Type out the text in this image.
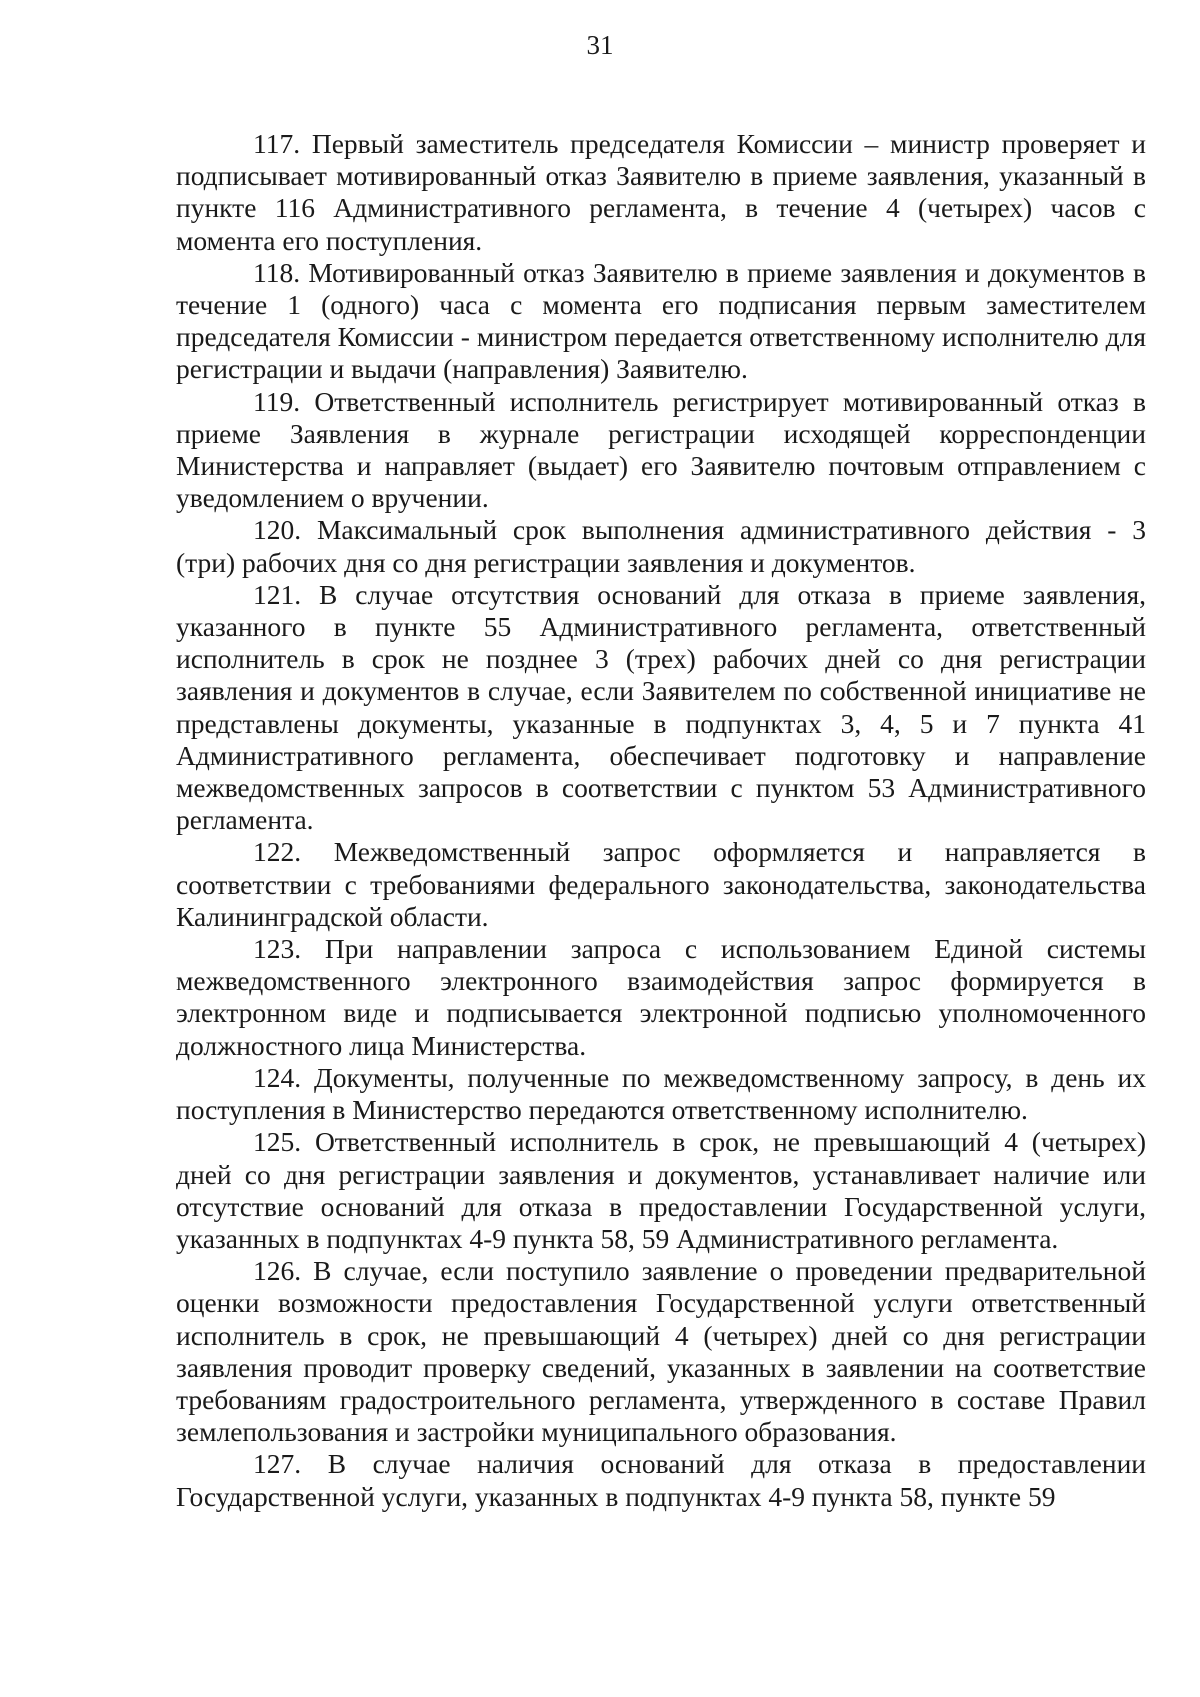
31

117. Первый заместитель председателя Комиссии – министр проверяет и подписывает мотивированный отказ Заявителю в приеме заявления, указанный в пункте 116 Административного регламента, в течение 4 (четырех) часов с момента его поступления.

118. Мотивированный отказ Заявителю в приеме заявления и документов в течение 1 (одного) часа с момента его подписания первым заместителем председателя Комиссии - министром передается ответственному исполнителю для регистрации и выдачи (направления) Заявителю.

119. Ответственный исполнитель регистрирует мотивированный отказ в приеме Заявления в журнале регистрации исходящей корреспонденции Министерства и направляет (выдает) его Заявителю почтовым отправлением с уведомлением о вручении.

120. Максимальный срок выполнения административного действия - 3 (три) рабочих дня со дня регистрации заявления и документов.

121. В случае отсутствия оснований для отказа в приеме заявления, указанного в пункте 55 Административного регламента, ответственный исполнитель в срок не позднее 3 (трех) рабочих дней со дня регистрации заявления и документов в случае, если Заявителем по собственной инициативе не представлены документы, указанные в подпунктах 3, 4, 5 и 7 пункта 41 Административного регламента, обеспечивает подготовку и направление межведомственных запросов в соответствии с пунктом 53 Административного регламента.

122. Межведомственный запрос оформляется и направляется в соответствии с требованиями федерального законодательства, законодательства Калининградской области.

123. При направлении запроса с использованием Единой системы межведомственного электронного взаимодействия запрос формируется в электронном виде и подписывается электронной подписью уполномоченного должностного лица Министерства.

124. Документы, полученные по межведомственному запросу, в день их поступления в Министерство передаются ответственному исполнителю.

125. Ответственный исполнитель в срок, не превышающий 4 (четырех) дней со дня регистрации заявления и документов, устанавливает наличие или отсутствие оснований для отказа в предоставлении Государственной услуги, указанных в подпунктах 4-9 пункта 58, 59 Административного регламента.

126. В случае, если поступило заявление о проведении предварительной оценки возможности предоставления Государственной услуги ответственный исполнитель в срок, не превышающий 4 (четырех) дней со дня регистрации заявления проводит проверку сведений, указанных в заявлении на соответствие требованиям градостроительного регламента, утвержденного в составе Правил землепользования и застройки муниципального образования.

127. В случае наличия оснований для отказа в предоставлении Государственной услуги, указанных в подпунктах 4-9 пункта 58, пункте 59
